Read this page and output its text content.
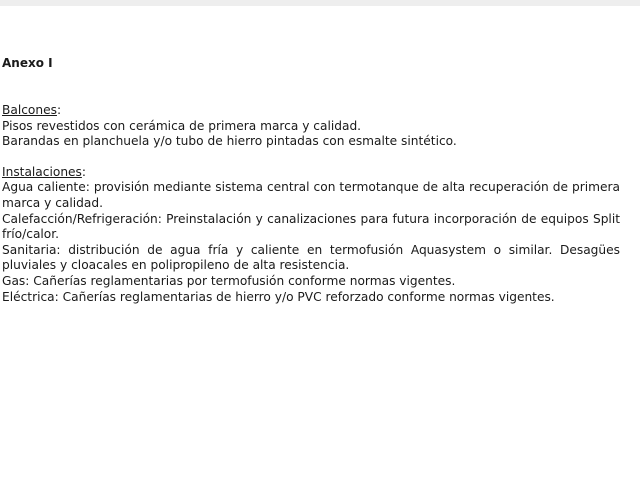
Anexo I

Balcones:

Pisos revestidos con cerámica de primera marca y calidad.

Barandas en planchuela y/o tubo de hierro pintadas con esmalte sintético.

Instalaciones:

Agua caliente: provisión mediante sistema central con termotanque de alta recuperación de primera marca y calidad.

Calefacción/Refrigeración: Preinstalación y canalizaciones para futura incorporación de equipos Split frío/calor.

Sanitaria: distribución de agua fría y caliente en termofusión Aquasystem o similar. Desagües pluviales y cloacales en polipropileno de alta resistencia.

Gas: Cañerías reglamentarias por termofusión conforme normas vigentes.

Eléctrica: Cañerías reglamentarias de hierro y/o PVC reforzado conforme normas vigentes.
